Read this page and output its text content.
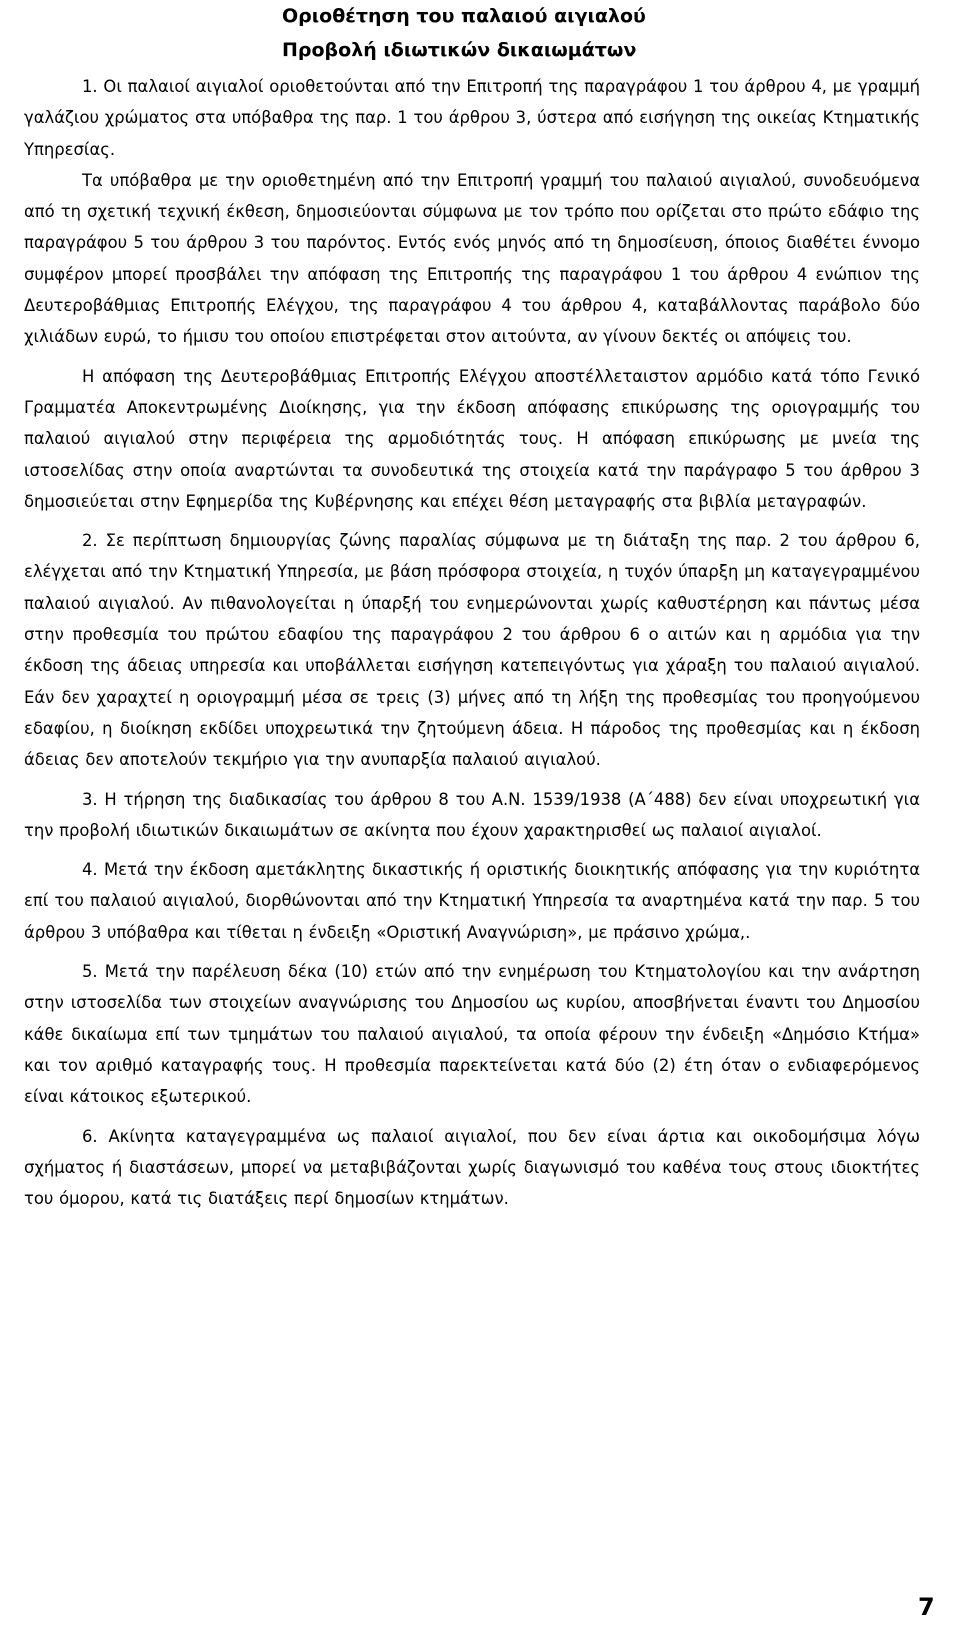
Οριοθέτηση του παλαιού αιγιαλού
Προβολή ιδιωτικών δικαιωμάτων

1. Οι παλαιοί αιγιαλοί οριοθετούνται από την Επιτροπή της παραγράφου 1 του άρθρου 4, με γραμμή γαλάζιου χρώματος στα υπόβαθρα της παρ. 1 του άρθρου 3, ύστερα από εισήγηση της οικείας Κτηματικής Υπηρεσίας.

Τα υπόβαθρα με την οριοθετημένη από την Επιτροπή γραμμή του παλαιού αιγιαλού, συνοδευόμενα από τη σχετική τεχνική έκθεση, δημοσιεύονται σύμφωνα με τον τρόπο που ορίζεται στο πρώτο εδάφιο της παραγράφου 5 του άρθρου 3 του παρόντος. Εντός ενός μηνός από τη δημοσίευση, όποιος διαθέτει έννομο συμφέρον μπορεί προσβάλει την απόφαση της Επιτροπής της παραγράφου 1 του άρθρου 4 ενώπιον της Δευτεροβάθμιας Επιτροπής Ελέγχου, της παραγράφου 4 του άρθρου 4, καταβάλλοντας παράβολο δύο χιλιάδων ευρώ, το ήμισυ του οποίου επιστρέφεται στον αιτούντα, αν γίνουν δεκτές οι απόψεις του.

Η απόφαση της Δευτεροβάθμιας Επιτροπής Ελέγχου αποστέλλεταιστον αρμόδιο κατά τόπο Γενικό Γραμματέα Αποκεντρωμένης Διοίκησης, για την έκδοση απόφασης επικύρωσης της οριογραμμής του παλαιού αιγιαλού στην περιφέρεια της αρμοδιότητάς τους. Η απόφαση επικύρωσης με μνεία της ιστοσελίδας στην οποία αναρτώνται τα συνοδευτικά της στοιχεία κατά την παράγραφο 5 του άρθρου 3 δημοσιεύεται στην Εφημερίδα της Κυβέρνησης και επέχει θέση μεταγραφής στα βιβλία μεταγραφών.

2. Σε περίπτωση δημιουργίας ζώνης παραλίας σύμφωνα με τη διάταξη της παρ. 2 του άρθρου 6, ελέγχεται από την Κτηματική Υπηρεσία, με βάση πρόσφορα στοιχεία, η τυχόν ύπαρξη μη καταγεγραμμένου παλαιού αιγιαλού. Αν πιθανολογείται η ύπαρξή του ενημερώνονται χωρίς καθυστέρηση και πάντως μέσα στην προθεσμία του πρώτου εδαφίου της παραγράφου 2 του άρθρου 6 ο αιτών και η αρμόδια για την έκδοση της άδειας υπηρεσία και υποβάλλεται εισήγηση κατεπειγόντως για χάραξη του παλαιού αιγιαλού. Εάν δεν χαραχτεί η οριογραμμή μέσα σε τρεις (3) μήνες από τη λήξη της προθεσμίας του προηγούμενου εδαφίου, η διοίκηση εκδίδει υποχρεωτικά την ζητούμενη άδεια. Η πάροδος της προθεσμίας και η έκδοση άδειας δεν αποτελούν τεκμήριο για την ανυπαρξία παλαιού αιγιαλού.

3. Η τήρηση της διαδικασίας του άρθρου 8 του Α.Ν. 1539/1938 (Α΄488) δεν είναι υποχρεωτική για την προβολή ιδιωτικών δικαιωμάτων σε ακίνητα που έχουν χαρακτηρισθεί ως παλαιοί αιγιαλοί.

4. Μετά την έκδοση αμετάκλητης δικαστικής ή οριστικής διοικητικής απόφασης για την κυριότητα επί του παλαιού αιγιαλού, διορθώνονται από την Κτηματική Υπηρεσία τα αναρτημένα κατά την παρ. 5 του άρθρου 3 υπόβαθρα και τίθεται η ένδειξη «Οριστική Αναγνώριση», με πράσινο χρώμα,.

5. Μετά την παρέλευση δέκα (10) ετών από την ενημέρωση του Κτηματολογίου και την ανάρτηση στην ιστοσελίδα των στοιχείων αναγνώρισης του Δημοσίου ως κυρίου, αποσβήνεται έναντι του Δημοσίου κάθε δικαίωμα επί των τμημάτων του παλαιού αιγιαλού, τα οποία φέρουν την ένδειξη «Δημόσιο Κτήμα» και τον αριθμό καταγραφής τους. Η προθεσμία παρεκτείνεται κατά δύο (2) έτη όταν ο ενδιαφερόμενος είναι κάτοικος εξωτερικού.

6. Ακίνητα καταγεγραμμένα ως παλαιοί αιγιαλοί, που δεν είναι άρτια και οικοδομήσιμα λόγω σχήματος ή διαστάσεων, μπορεί να μεταβιβάζονται χωρίς διαγωνισμό του καθένα τους στους ιδιοκτήτες του όμορου, κατά τις διατάξεις περί δημοσίων κτημάτων.

7
